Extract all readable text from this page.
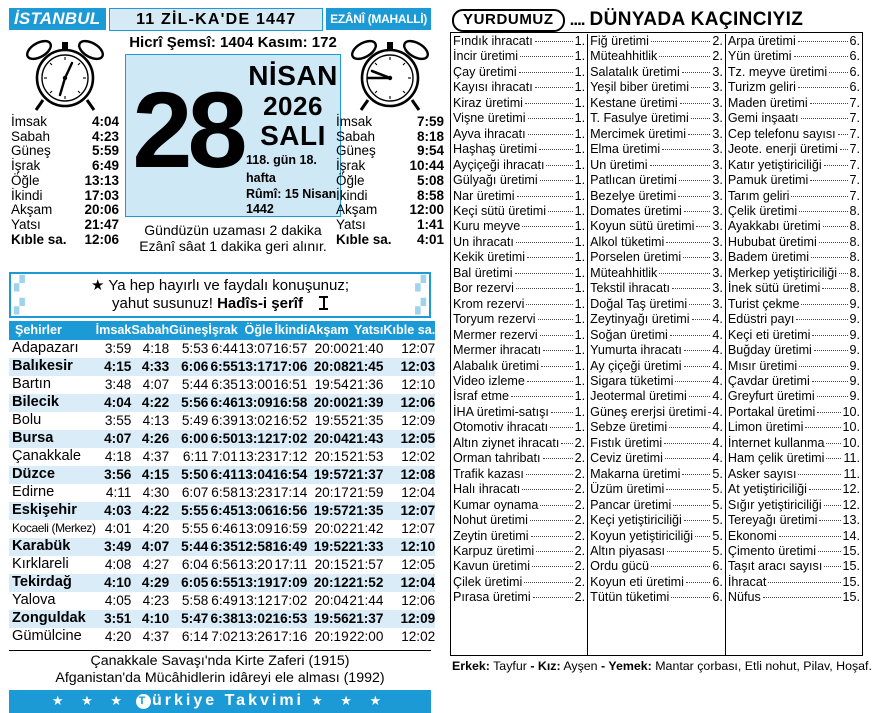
İSTANBUL	11 ZİL-KA'DE 1447	EZÂNÎ (MAHALLİ)
Hicrî Şemsî: 1404 Kasım: 172
İmsak	4:04
Sabah	4:23
Güneş	5:59
İşrak	6:49
Öğle	13:13
İkindi	17:03
Akşam 20:06
Yatsı	21:47
Kıble sa. 12:06
28 NİSAN
2026
SALI
118. gün 18. hafta
Rûmî: 15 Nisan 1442
Gündüzün uzaması 2 dakika
Ezânî sâat 1 dakika geri alınır.
İmsak	7:59
Sabah	8:18
Güneş	9:54
İşrak	10:44
Öğle	5:08
İkindi	8:58
Akşam 12:00
Yatsı	1:41
Kıble sa. 4:01
▞	▞
▞	▞
★ Ya hep hayırlı ve faydalı konuşunuz;
yahut susunuz! Hadîs-i şerîf
Şehirler	İmsak	Sabah	Güneş	İşrak	Öğle	İkindi	Akşam	Yatsı	Kıble sa.
Adapazarı	3:59	4:18	5:53	6:44	13:07	16:57	20:00	21:40	12:07
Balıkesir	4:15	4:33	6:06	6:55	13:17	17:06	20:08	21:45	12:03
Bartın	3:48	4:07	5:44	6:35	13:00	16:51	19:54	21:36	12:10
Bilecik	4:04	4:22	5:56	6:46	13:09	16:58	20:00	21:39	12:06
Bolu	3:55	4:13	5:49	6:39	13:02	16:52	19:55	21:35	12:09
Bursa	4:07	4:26	6:00	6:50	13:12	17:02	20:04	21:43	12:05
Çanakkale	4:18	4:37	6:11	7:01	13:23	17:12	20:15	21:53	12:02
Düzce	3:56	4:15	5:50	6:41	13:04	16:54	19:57	21:37	12:08
Edirne	4:11	4:30	6:07	6:58	13:23	17:14	20:17	21:59	12:04
Eskişehir	4:03	4:22	5:55	6:45	13:06	16:56	19:57	21:35	12:07
Kocaeli (Merkez)	4:01	4:20	5:55	6:46	13:09	16:59	20:02	21:42	12:07
Karabük	3:49	4:07	5:44	6:35	12:58	16:49	19:52	21:33	12:10
Kırklareli	4:08	4:27	6:04	6:56	13:20	17:11	20:15	21:57	12:05
Tekirdağ	4:10	4:29	6:05	6:55	13:19	17:09	20:12	21:52	12:04
Yalova	4:05	4:23	5:58	6:49	13:12	17:02	20:04	21:44	12:06
Zonguldak	3:51	4:10	5:47	6:38	13:02	16:53	19:56	21:37	12:09
Gümülcine	4:20	4:37	6:14	7:02	13:26	17:16	20:19	22:00	12:02
Çanakkale Savaşı'nda Kirte Zaferi (1915)
Afganistan'da Mücâhidlerin idâreyi ele alması (1992)
★ ★ ★ T ürkiye Takvimi ★ ★ ★
YURDUMUZ .... DÜNYADA KAÇINCIYIZ
Fındık ihracatı	1.
İncir üretimi	1.
Çay üretimi	1.
Kayısı ihracatı	1.
Kiraz üretimi	1.
Vişne üretimi	1.
Ayva ihracatı	1.
Haşhaş üretimi	1.
Ayçiçeği ihracatı 1.
Gülyağı üretimi	1.
Nar üretimi	1.
Keçi sütü üretimi 1.
Kuru meyve	1.
Un ihracatı	1.
Kekik üretimi	1.
Bal üretimi	1.
Bor rezervi	1.
Krom rezervi	1.
Toryum rezervi	1.
Mermer rezervi	1.
Mermer ihracatı	1.
Alabalık üretimi	1.
Video izleme	1.
İsraf etme	1.
İHA üretimi-satışı 1.
Otomotiv ihracatı 1.
Altın ziynet ihracatı 2.
Orman tahribatı	2.
Trafik kazası	2.
Halı ihracatı	2.
Kumar oynama	2.
Nohut üretimi	2.
Zeytin üretimi	2.
Karpuz üretimi	2.
Kavun üretimi	2.
Çilek üretimi	2.
Pırasa üretimi	2.
Fiğ üretimi	2.
Müteahhitlik	2.
Salatalık üretimi	3.
Yeşil biber üretimi 3.
Kestane üretimi	3.
T. Fasulye üretimi 3.
Mercimek üretimi 3.
Elma üretimi	3.
Un üretimi	3.
Patlıcan üretimi	3.
Bezelye üretimi	3.
Domates üretimi 3.
Koyun sütü üretimi 3.
Alkol tüketimi	3.
Porselen üretimi 3.
Müteahhitlik	3.
Tekstil ihracatı	3.
Doğal Taş üretimi 3.
Zeytinyağı üretimi 4.
Soğan üretimi	4.
Yumurta ihracatı 4.
Ay çiçeği üretimi 4.
Sigara tüketimi	4.
Jeotermal üretimi 4.
Güneş ererjsi üretimi 4.
Sebze üretimi	4.
Fıstık üretimi	4.
Ceviz üretimi	4.
Makarna üretimi	5.
Üzüm üretimi	5.
Pancar üretimi	5.
Keçi yetiştiriciliği 5.
Koyun yetiştiriciliği 5.
Altın piyasası	5.
Ordu gücü	6.
Koyun eti üretimi 6.
Tütün tüketimi	6.
Arpa üretimi	6.
Yün üretimi	6.
Tz. meyve üretimi 6.
Turizm geliri	6.
Maden üretimi	7.
Gemi inşaatı	7.
Cep telefonu sayısı 7.
Jeote. enerji üretimi 7.
Katır yetiştiriciliği 7.
Pamuk üretimi	7.
Tarım geliri	7.
Çelik üretimi	8.
Ayakkabı üretimi 8.
Hububat üretimi	8.
Badem üretimi	8.
Merkep yetiştiriciliği 8.
İnek sütü üretimi 8.
Turist çekme	9.
Edüstri payı	9.
Keçi eti üretimi	9.
Buğday üretimi	9.
Mısır üretimi	9.
Çavdar üretimi	9.
Greyfurt üretimi	9.
Portakal üretimi 10.
Limon üretimi	10.
İnternet kullanma 10.
Ham çelik üretimi 11.
Asker sayısı	11.
At yetiştiriciliği	12.
Sığır yetiştiriciliği 12.
Tereyağı üretimi 13.
Ekonomi	14.
Çimento üretimi 15.
Taşıt aracı sayısı 15.
İhracat	15.
Nüfus	15.
Erkek: Tayfur - Kız: Ayşen - Yemek: Mantar çorbası, Etli nohut, Pilav, Hoşaf.
